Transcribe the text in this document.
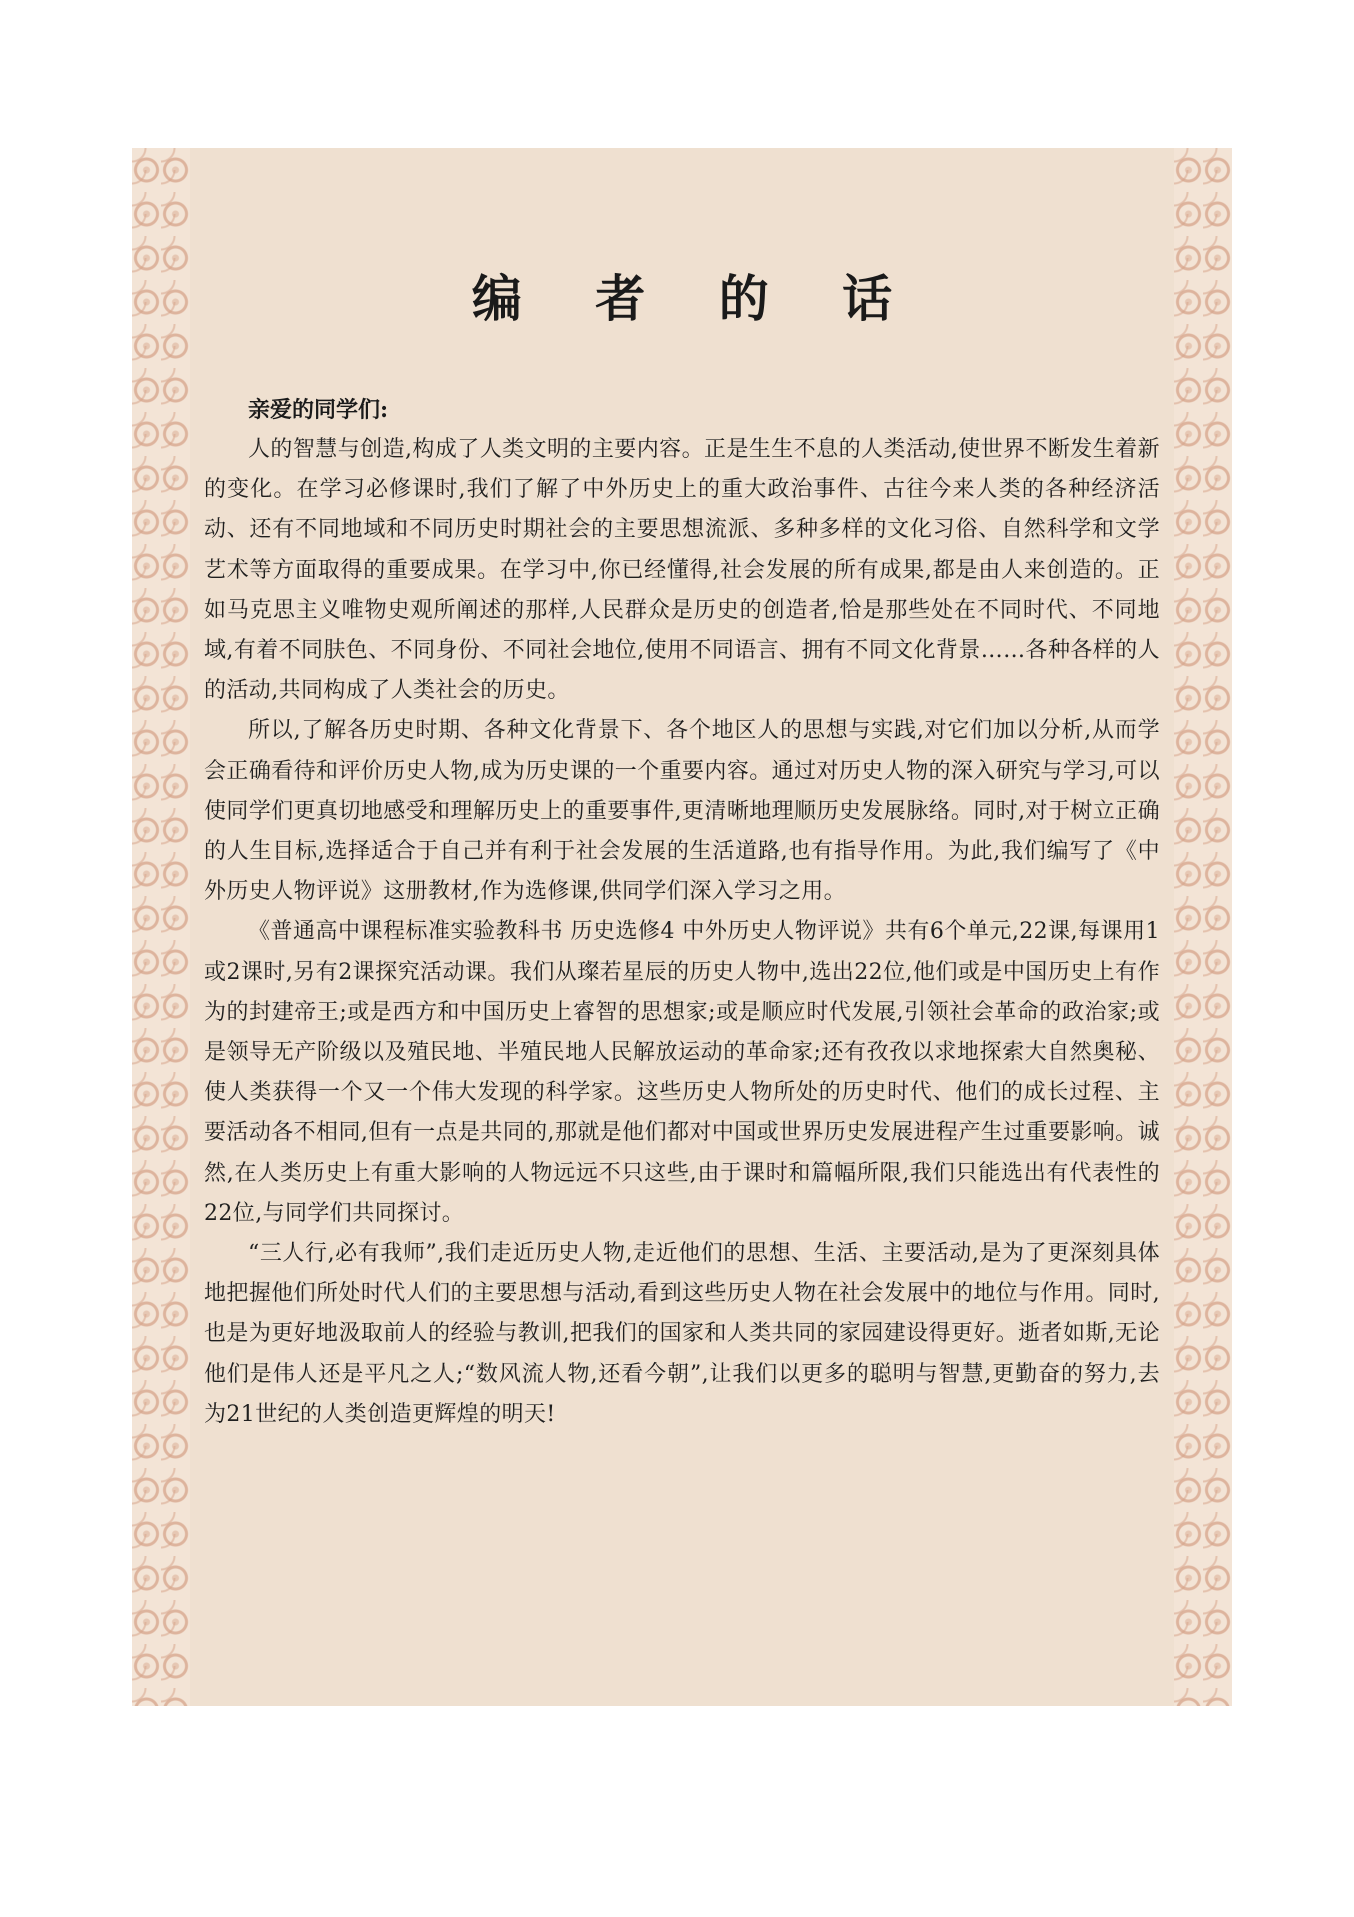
编 者 的 话

亲爱的同学们:

人的智慧与创造,构成了人类文明的主要内容。正是生生不息的人类活动,使世界不断发生着新的变化。在学习必修课时,我们了解了中外历史上的重大政治事件、古往今来人类的各种经济活动、还有不同地域和不同历史时期社会的主要思想流派、多种多样的文化习俗、自然科学和文学艺术等方面取得的重要成果。在学习中,你已经懂得,社会发展的所有成果,都是由人来创造的。正如马克思主义唯物史观所阐述的那样,人民群众是历史的创造者,恰是那些处在不同时代、不同地域,有着不同肤色、不同身份、不同社会地位,使用不同语言、拥有不同文化背景……各种各样的人的活动,共同构成了人类社会的历史。

所以,了解各历史时期、各种文化背景下、各个地区人的思想与实践,对它们加以分析,从而学会正确看待和评价历史人物,成为历史课的一个重要内容。通过对历史人物的深入研究与学习,可以使同学们更真切地感受和理解历史上的重要事件,更清晰地理顺历史发展脉络。同时,对于树立正确的人生目标,选择适合于自己并有利于社会发展的生活道路,也有指导作用。为此,我们编写了《中外历史人物评说》这册教材,作为选修课,供同学们深入学习之用。

《普通高中课程标准实验教科书 历史选修4 中外历史人物评说》共有6个单元,22课,每课用1或2课时,另有2课探究活动课。我们从璨若星辰的历史人物中,选出22位,他们或是中国历史上有作为的封建帝王;或是西方和中国历史上睿智的思想家;或是顺应时代发展,引领社会革命的政治家;或是领导无产阶级以及殖民地、半殖民地人民解放运动的革命家;还有孜孜以求地探索大自然奥秘、使人类获得一个又一个伟大发现的科学家。这些历史人物所处的历史时代、他们的成长过程、主要活动各不相同,但有一点是共同的,那就是他们都对中国或世界历史发展进程产生过重要影响。诚然,在人类历史上有重大影响的人物远远不只这些,由于课时和篇幅所限,我们只能选出有代表性的22位,与同学们共同探讨。

“三人行,必有我师”,我们走近历史人物,走近他们的思想、生活、主要活动,是为了更深刻具体地把握他们所处时代人们的主要思想与活动,看到这些历史人物在社会发展中的地位与作用。同时,也是为更好地汲取前人的经验与教训,把我们的国家和人类共同的家园建设得更好。逝者如斯,无论他们是伟人还是平凡之人;“数风流人物,还看今朝”,让我们以更多的聪明与智慧,更勤奋的努力,去为21世纪的人类创造更辉煌的明天!
